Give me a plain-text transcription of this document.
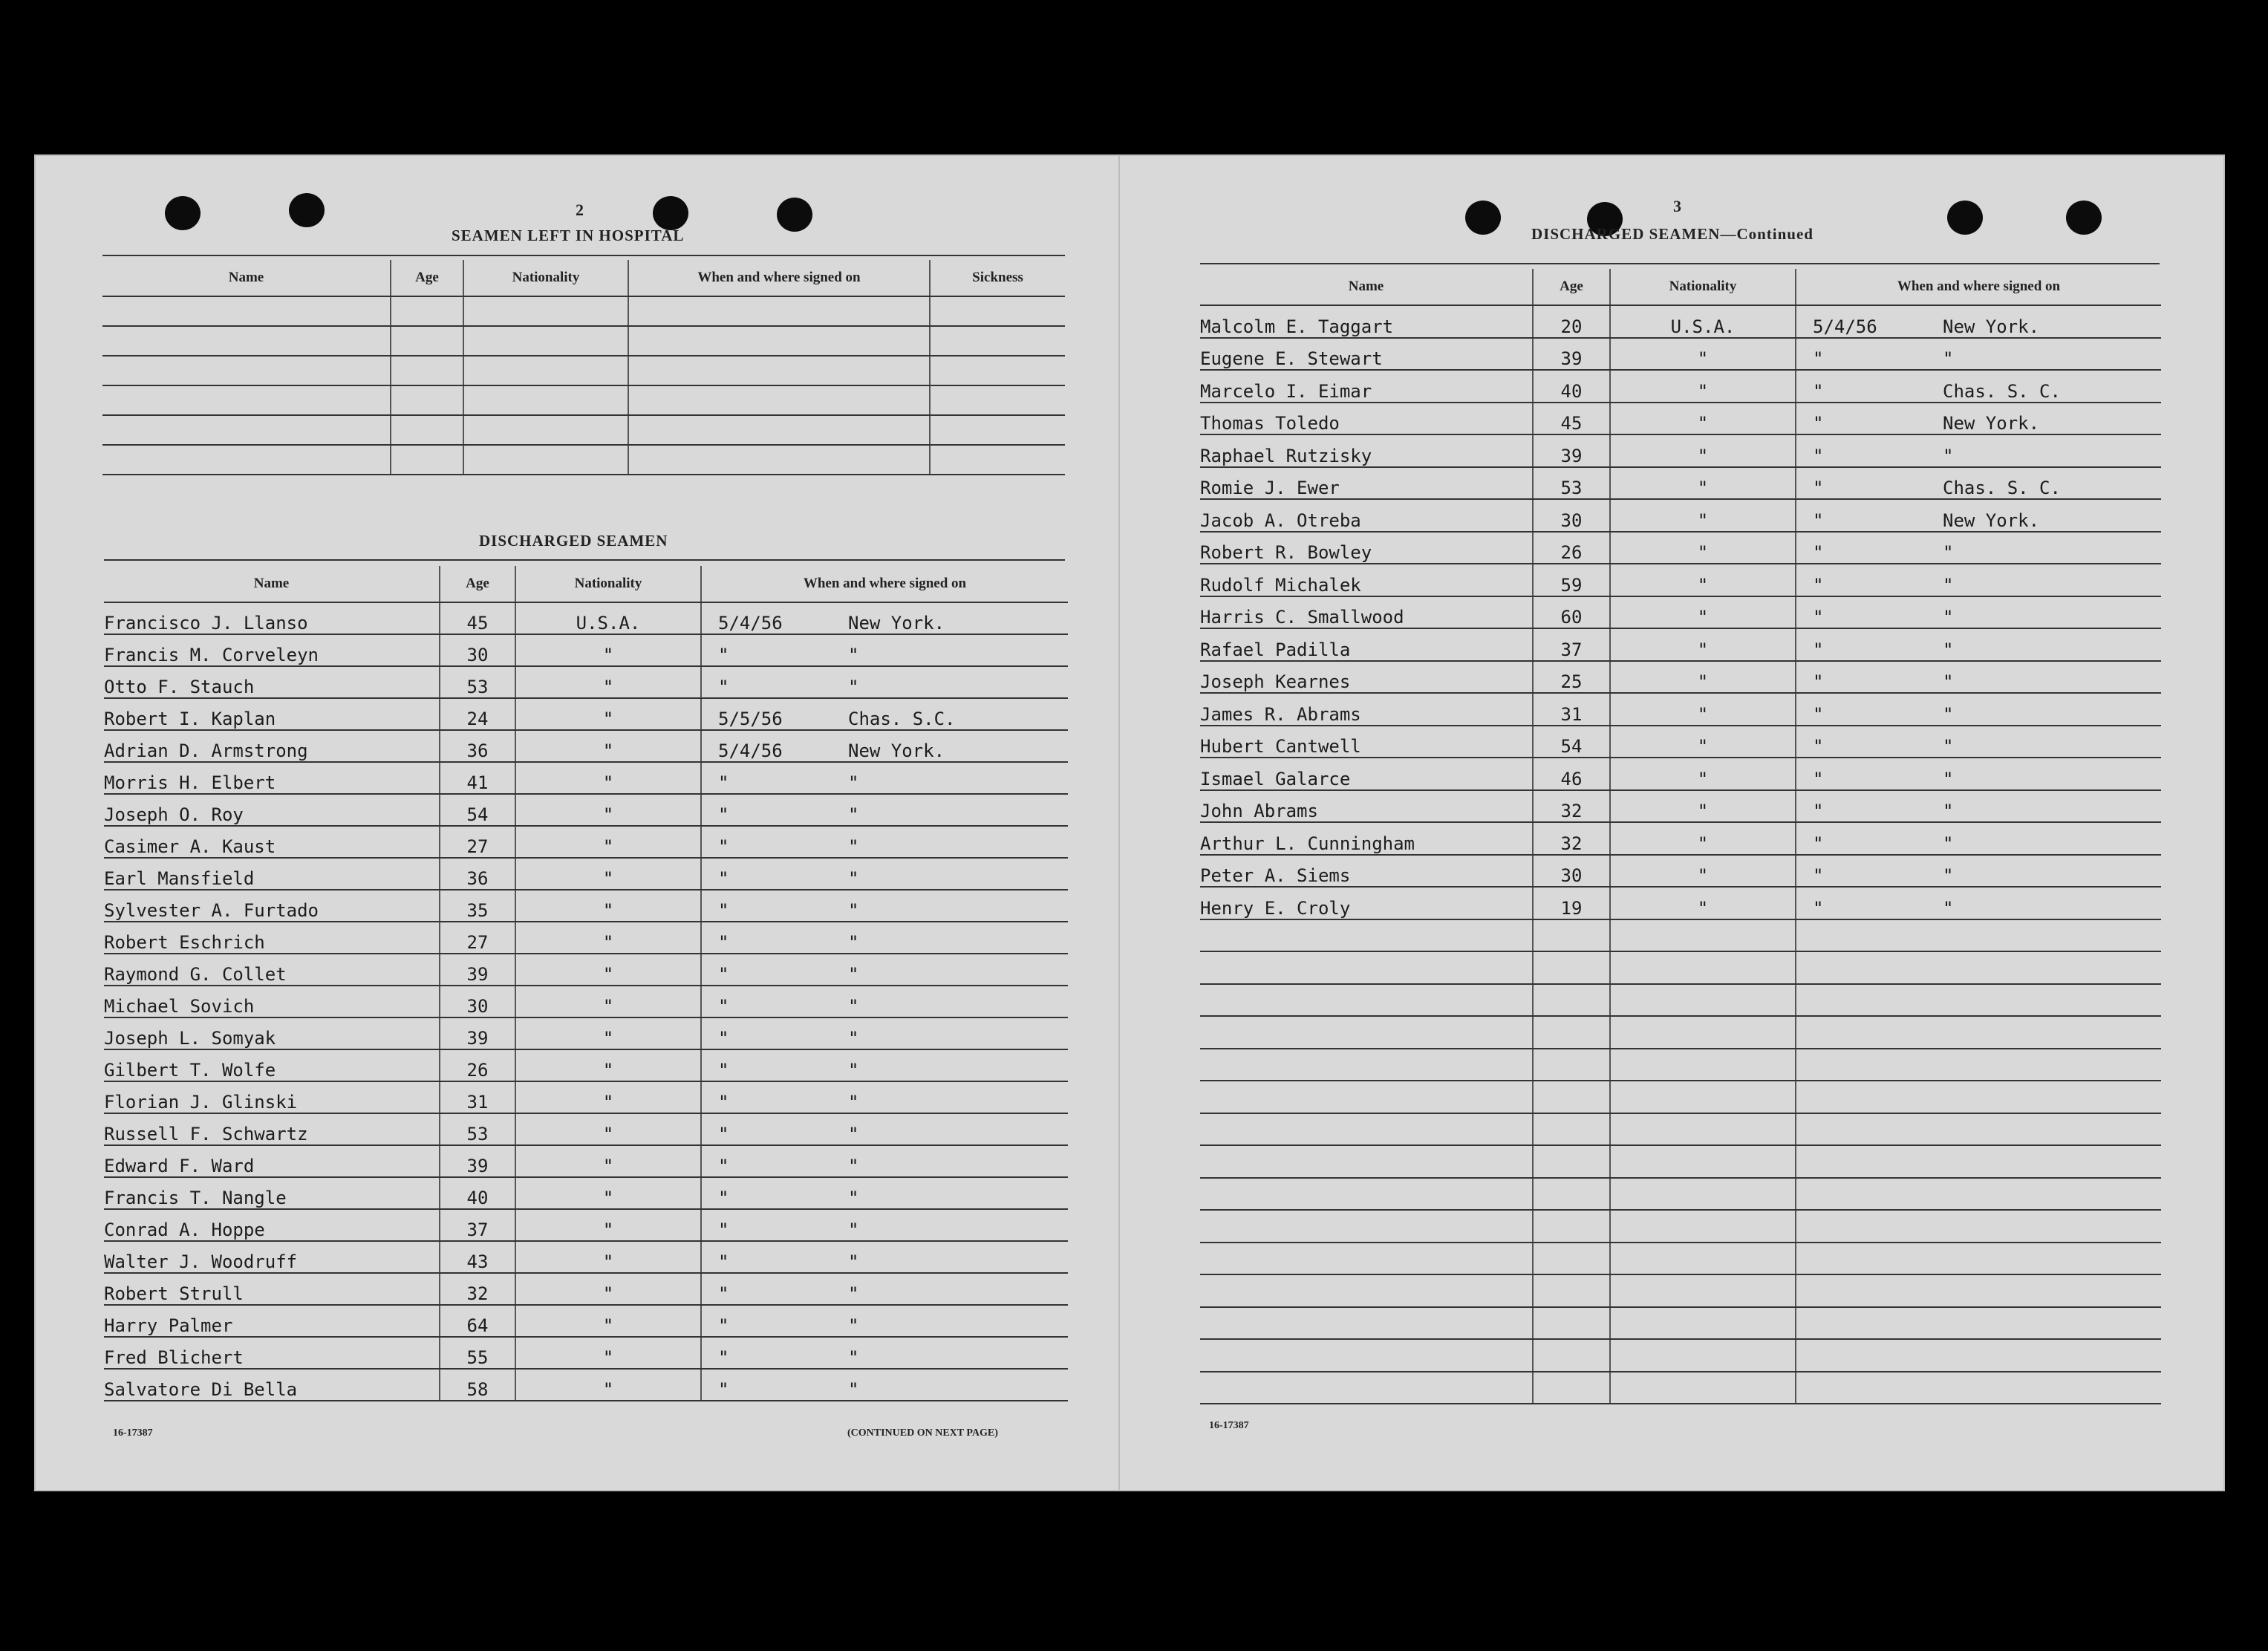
2
SEAMEN LEFT IN HOSPITAL
Name	Age	Nationality	When and where signed on	Sickness

DISCHARGED SEAMEN
Name	Age	Nationality	When and where signed on
Francisco J. Llanso	45	U.S.A.	5/4/56 New York.
Francis M. Corveleyn	30	"	" "
Otto F. Stauch	53	"	" "
Robert I. Kaplan	24	"	5/5/56 Chas. S.C.
Adrian D. Armstrong	36	"	5/4/56 New York.
Morris H. Elbert	41	"	" "
Joseph O. Roy	54	"	" "
Casimer A. Kaust	27	"	" "
Earl Mansfield	36	"	" "
Sylvester A. Furtado	35	"	" "
Robert Eschrich	27	"	" "
Raymond G. Collet	39	"	" "
Michael Sovich	30	"	" "
Joseph L. Somyak	39	"	" "
Gilbert T. Wolfe	26	"	" "
Florian J. Glinski	31	"	" "
Russell F. Schwartz	53	"	" "
Edward F. Ward	39	"	" "
Francis T. Nangle	40	"	" "
Conrad A. Hoppe	37	"	" "
Walter J. Woodruff	43	"	" "
Robert Strull	32	"	" "
Harry Palmer	64	"	" "
Fred Blichert	55	"	" "
Salvatore Di Bella	58	"	" "
16-17387	(CONTINUED ON NEXT PAGE)
3
DISCHARGED SEAMEN—Continued
Name	Age	Nationality	When and where signed on
Malcolm E. Taggart	20	U.S.A.	5/4/56 New York.
Eugene E. Stewart	39	"	" "
Marcelo I. Eimar	40	"	" Chas. S. C.
Thomas Toledo	45	"	" New York.
Raphael Rutzisky	39	"	" "
Romie J. Ewer	53	"	" Chas. S. C.
Jacob A. Otreba	30	"	" New York.
Robert R. Bowley	26	"	" "
Rudolf Michalek	59	"	" "
Harris C. Smallwood	60	"	" "
Rafael Padilla	37	"	" "
Joseph Kearnes	25	"	" "
James R. Abrams	31	"	" "
Hubert Cantwell	54	"	" "
Ismael Galarce	46	"	" "
John Abrams	32	"	" "
Arthur L. Cunningham	32	"	" "
Peter A. Siems	30	"	" "
Henry E. Croly	19	"	" "

16-17387
